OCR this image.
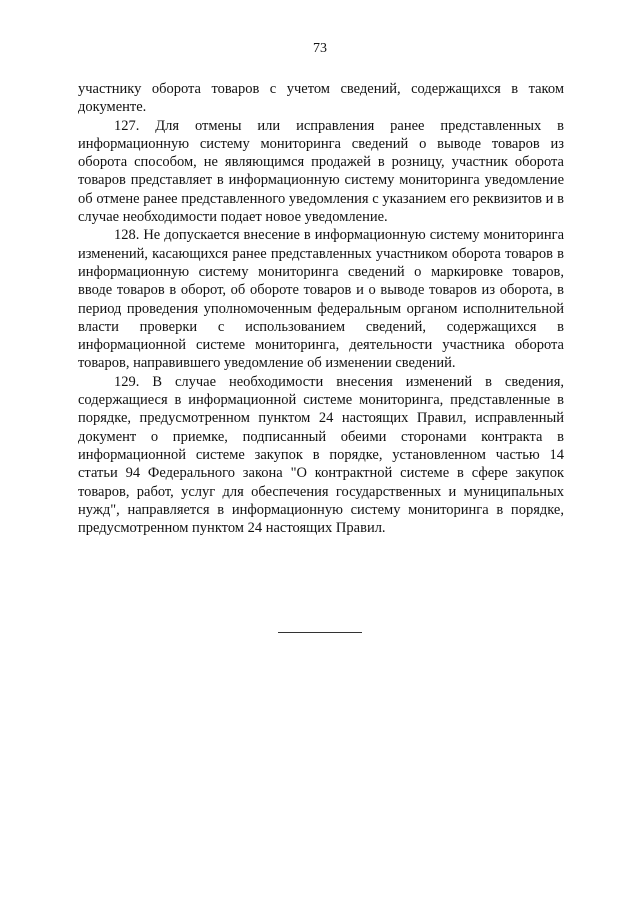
73

участнику оборота товаров с учетом сведений, содержащихся в таком документе.

127. Для отмены или исправления ранее представленных в информационную систему мониторинга сведений о выводе товаров из оборота способом, не являющимся продажей в розницу, участник оборота товаров представляет в информационную систему мониторинга уведомление об отмене ранее представленного уведомления с указанием его реквизитов и в случае необходимости подает новое уведомление.

128. Не допускается внесение в информационную систему мониторинга изменений, касающихся ранее представленных участником оборота товаров в информационную систему мониторинга сведений о маркировке товаров, вводе товаров в оборот, об обороте товаров и о выводе товаров из оборота, в период проведения уполномоченным федеральным органом исполнительной власти проверки с использованием сведений, содержащихся в информационной системе мониторинга, деятельности участника оборота товаров, направившего уведомление об изменении сведений.

129. В случае необходимости внесения изменений в сведения, содержащиеся в информационной системе мониторинга, представленные в порядке, предусмотренном пунктом 24 настоящих Правил, исправленный документ о приемке, подписанный обеими сторонами контракта в информационной системе закупок в порядке, установленном частью 14 статьи 94 Федерального закона "О контрактной системе в сфере закупок товаров, работ, услуг для обеспечения государственных и муниципальных нужд", направляется в информационную систему мониторинга в порядке, предусмотренном пунктом 24 настоящих Правил.
